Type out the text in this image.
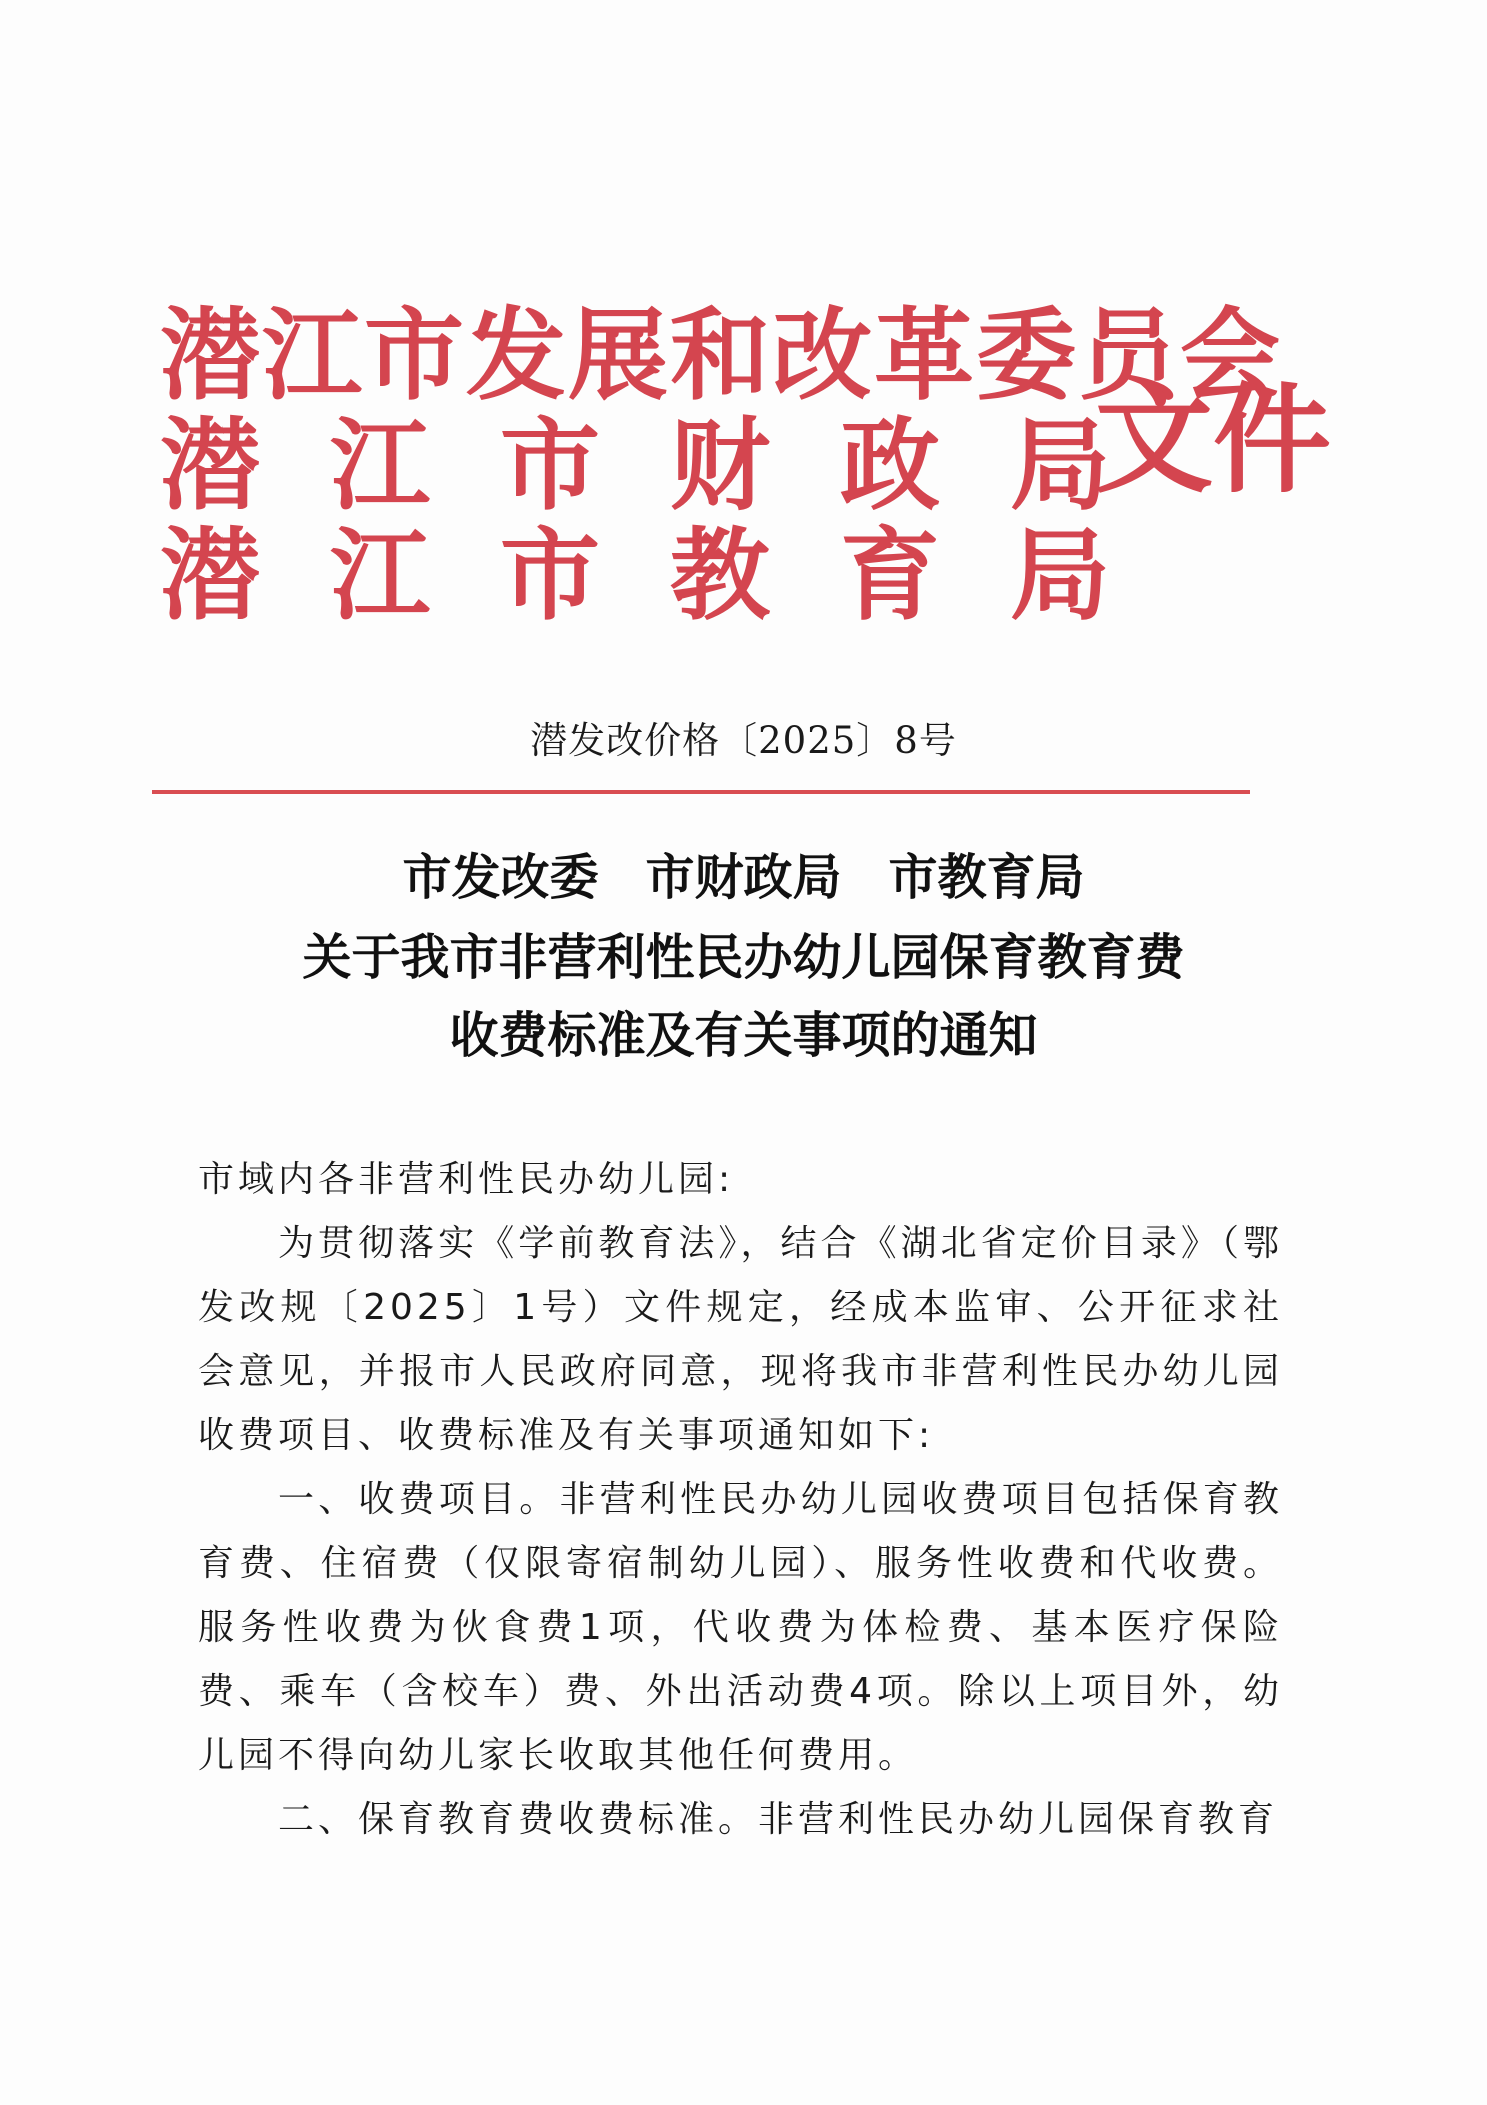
潜江市发展和改革委员会
潜江市财政局
潜江市教育局
文件
潜发改价格〔2025〕8号
市发改委 市财政局 市教育局
关于我市非营利性民办幼儿园保育教育费
收费标准及有关事项的通知

市域内各非营利性民办幼儿园:

为贯彻落实《学前教育法》，结合《湖北省定价目录》（鄂发改规〔2025〕1号）文件规定，经成本监审、公开征求社会意见，并报市人民政府同意，现将我市非营利性民办幼儿园收费项目、收费标准及有关事项通知如下:

一、收费项目。非营利性民办幼儿园收费项目包括保育教育费、住宿费（仅限寄宿制幼儿园）、服务性收费和代收费。服务性收费为伙食费1项，代收费为体检费、基本医疗保险费、乘车（含校车）费、外出活动费4项。除以上项目外，幼儿园不得向幼儿家长收取其他任何费用。

二、保育教育费收费标准。非营利性民办幼儿园保育教育
